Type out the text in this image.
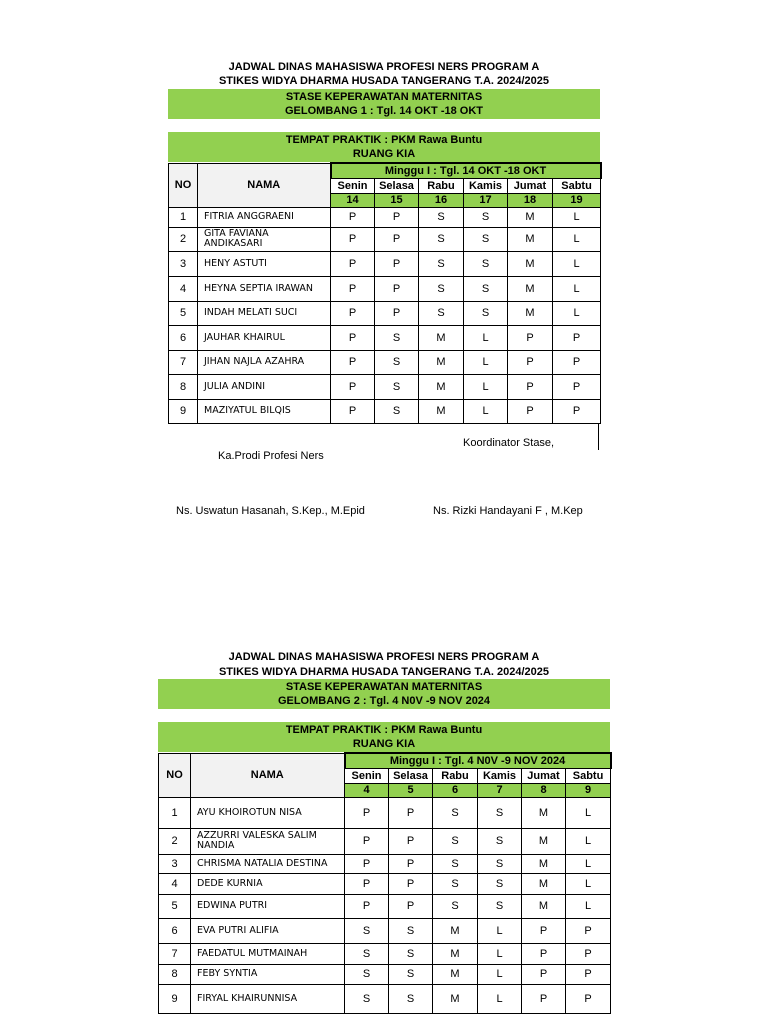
JADWAL DINAS MAHASISWA PROFESI NERS PROGRAM A
STIKES WIDYA DHARMA HUSADA TANGERANG T.A. 2024/2025
STASE KEPERAWATAN MATERNITAS
GELOMBANG 1 : Tgl. 14 OKT -18 OKT
TEMPAT PRAKTIK : PKM Rawa Buntu
RUANG KIA
NO	NAMA	Minggu I : Tgl. 14 OKT -18 OKT					
		Senin	Selasa	Rabu	Kamis	Jumat	Sabtu
		14	15	16	17	18	19
1	FITRIA ANGGRAENI	P	P	S	S	M	L
2	GITA FAVIANA ANDIKASARI	P	P	S	S	M	L
3	HENY ASTUTI	P	P	S	S	M	L
4	HEYNA SEPTIA IRAWAN	P	P	S	S	M	L
5	INDAH MELATI SUCI	P	P	S	S	M	L
6	JAUHAR KHAIRUL	P	S	M	L	P	P
7	JIHAN NAJLA AZAHRA	P	S	M	L	P	P
8	JULIA ANDINI	P	S	M	L	P	P
9	MAZIYATUL BILQIS	P	S	M	L	P	P
Koordinator Stase,
Ka.Prodi Profesi Ners
Ns. Uswatun Hasanah, S.Kep., M.Epid	Ns. Rizki Handayani F , M.Kep
JADWAL DINAS MAHASISWA PROFESI NERS PROGRAM A
STIKES WIDYA DHARMA HUSADA TANGERANG T.A. 2024/2025
STASE KEPERAWATAN MATERNITAS
GELOMBANG 2 : Tgl. 4 N0V -9 NOV 2024
TEMPAT PRAKTIK : PKM Rawa Buntu
RUANG KIA
NO	NAMA	Minggu I : Tgl. 4 N0V -9 NOV 2024					
		Senin	Selasa	Rabu	Kamis	Jumat	Sabtu
		4	5	6	7	8	9
1	AYU KHOIROTUN NISA	P	P	S	S	M	L
2	AZZURRI VALESKA SALIM NANDIA	P	P	S	S	M	L
3	CHRISMA NATALIA DESTINA	P	P	S	S	M	L
4	DEDE KURNIA	P	P	S	S	M	L
5	EDWINA PUTRI	P	P	S	S	M	L
6	EVA PUTRI ALIFIA	S	S	M	L	P	P
7	FAEDATUL MUTMAINAH	S	S	M	L	P	P
8	FEBY SYNTIA	S	S	M	L	P	P
9	FIRYAL KHAIRUNNISA	S	S	M	L	P	P
